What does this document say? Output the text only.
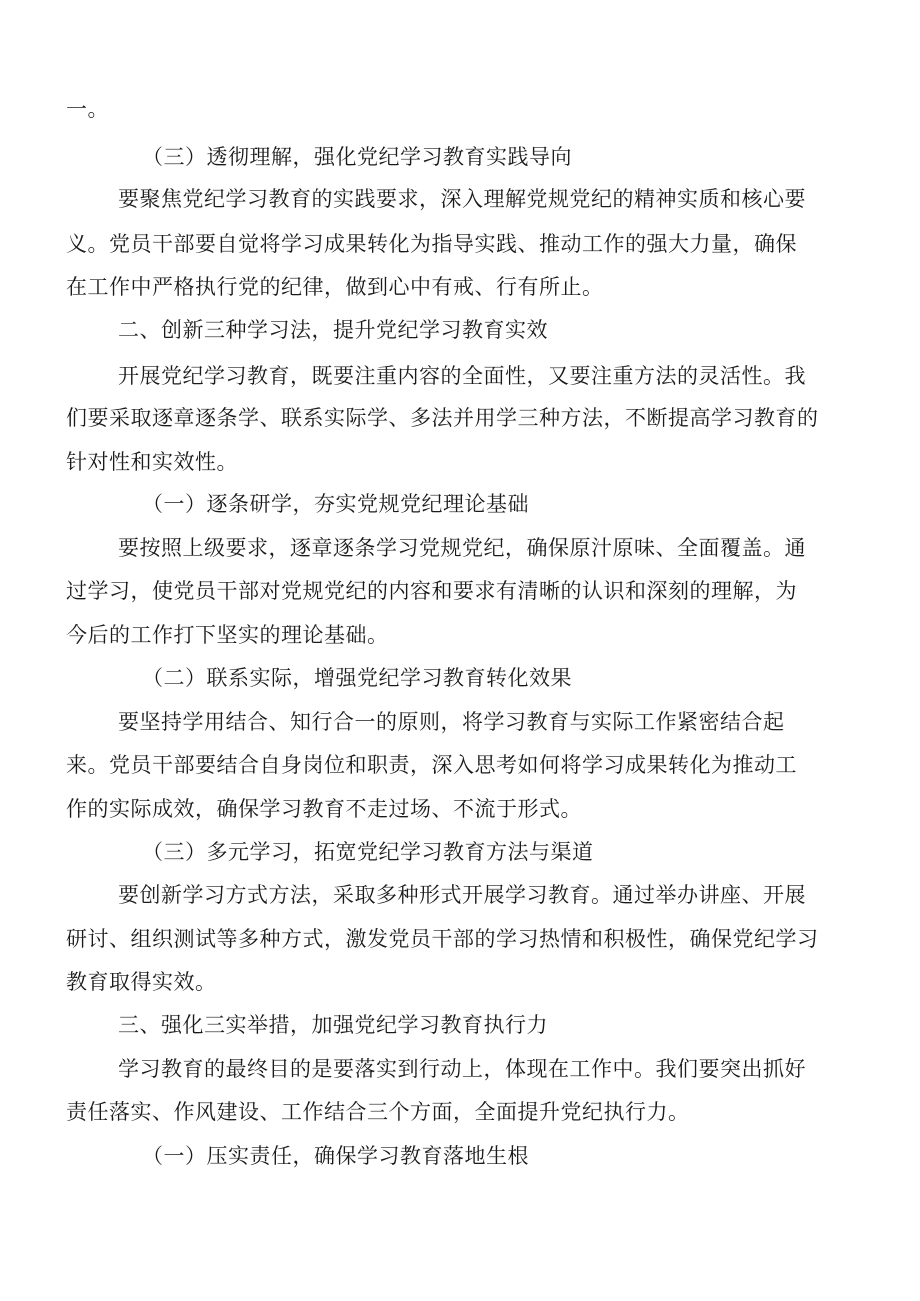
一。
（三）透彻理解，强化党纪学习教育实践导向
要聚焦党纪学习教育的实践要求，深入理解党规党纪的精神实质和核心要
义。党员干部要自觉将学习成果转化为指导实践、推动工作的强大力量，确保
在工作中严格执行党的纪律，做到心中有戒、行有所止。
二、创新三种学习法，提升党纪学习教育实效
开展党纪学习教育，既要注重内容的全面性，又要注重方法的灵活性。我
们要采取逐章逐条学、联系实际学、多法并用学三种方法，不断提高学习教育的
针对性和实效性。
（一）逐条研学，夯实党规党纪理论基础
要按照上级要求，逐章逐条学习党规党纪，确保原汁原味、全面覆盖。通
过学习，使党员干部对党规党纪的内容和要求有清晰的认识和深刻的理解，为
今后的工作打下坚实的理论基础。
（二）联系实际，增强党纪学习教育转化效果
要坚持学用结合、知行合一的原则，将学习教育与实际工作紧密结合起
来。党员干部要结合自身岗位和职责，深入思考如何将学习成果转化为推动工
作的实际成效，确保学习教育不走过场、不流于形式。
（三）多元学习，拓宽党纪学习教育方法与渠道
要创新学习方式方法，采取多种形式开展学习教育。通过举办讲座、开展
研讨、组织测试等多种方式，激发党员干部的学习热情和积极性，确保党纪学习
教育取得实效。
三、强化三实举措，加强党纪学习教育执行力
学习教育的最终目的是要落实到行动上，体现在工作中。我们要突出抓好
责任落实、作风建设、工作结合三个方面，全面提升党纪执行力。
（一）压实责任，确保学习教育落地生根
